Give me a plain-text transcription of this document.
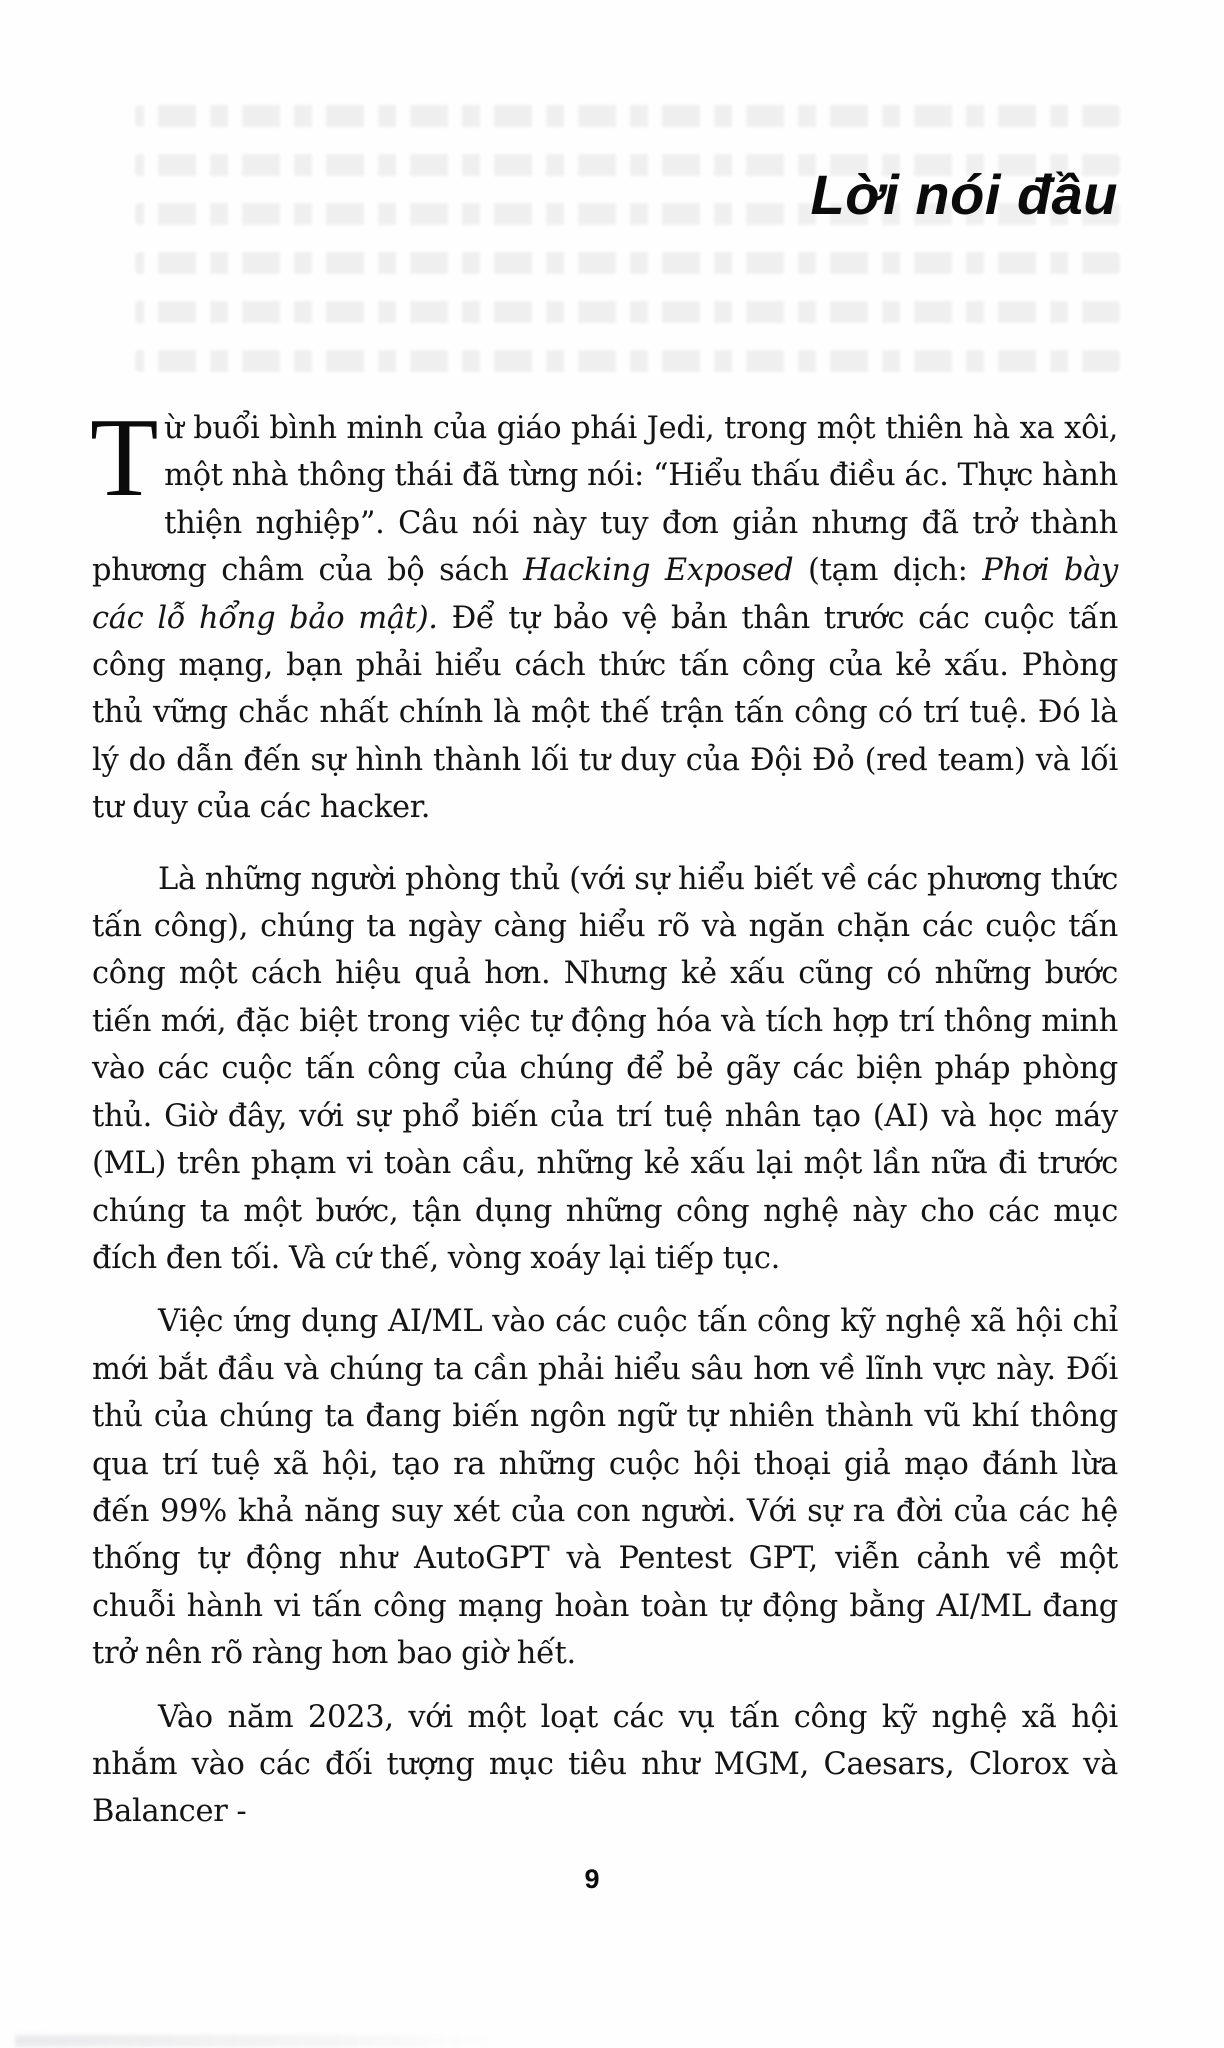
Lời nói đầu

Từ buổi bình minh của giáo phái Jedi, trong một thiên hà xa xôi, một nhà thông thái đã từng nói: “Hiểu thấu điều ác. Thực hành thiện nghiệp”. Câu nói này tuy đơn giản nhưng đã trở thành phương châm của bộ sách Hacking Exposed (tạm dịch: Phơi bày các lỗ hổng bảo mật). Để tự bảo vệ bản thân trước các cuộc tấn công mạng, bạn phải hiểu cách thức tấn công của kẻ xấu. Phòng thủ vững chắc nhất chính là một thế trận tấn công có trí tuệ. Đó là lý do dẫn đến sự hình thành lối tư duy của Đội Đỏ (red team) và lối tư duy của các hacker.

Là những người phòng thủ (với sự hiểu biết về các phương thức tấn công), chúng ta ngày càng hiểu rõ và ngăn chặn các cuộc tấn công một cách hiệu quả hơn. Nhưng kẻ xấu cũng có những bước tiến mới, đặc biệt trong việc tự động hóa và tích hợp trí thông minh vào các cuộc tấn công của chúng để bẻ gãy các biện pháp phòng thủ. Giờ đây, với sự phổ biến của trí tuệ nhân tạo (AI) và học máy (ML) trên phạm vi toàn cầu, những kẻ xấu lại một lần nữa đi trước chúng ta một bước, tận dụng những công nghệ này cho các mục đích đen tối. Và cứ thế, vòng xoáy lại tiếp tục.

Việc ứng dụng AI/ML vào các cuộc tấn công kỹ nghệ xã hội chỉ mới bắt đầu và chúng ta cần phải hiểu sâu hơn về lĩnh vực này. Đối thủ của chúng ta đang biến ngôn ngữ tự nhiên thành vũ khí thông qua trí tuệ xã hội, tạo ra những cuộc hội thoại giả mạo đánh lừa đến 99% khả năng suy xét của con người. Với sự ra đời của các hệ thống tự động như AutoGPT và Pentest GPT, viễn cảnh về một chuỗi hành vi tấn công mạng hoàn toàn tự động bằng AI/ML đang trở nên rõ ràng hơn bao giờ hết.

Vào năm 2023, với một loạt các vụ tấn công kỹ nghệ xã hội nhắm vào các đối tượng mục tiêu như MGM, Caesars, Clorox và Balancer -

9
